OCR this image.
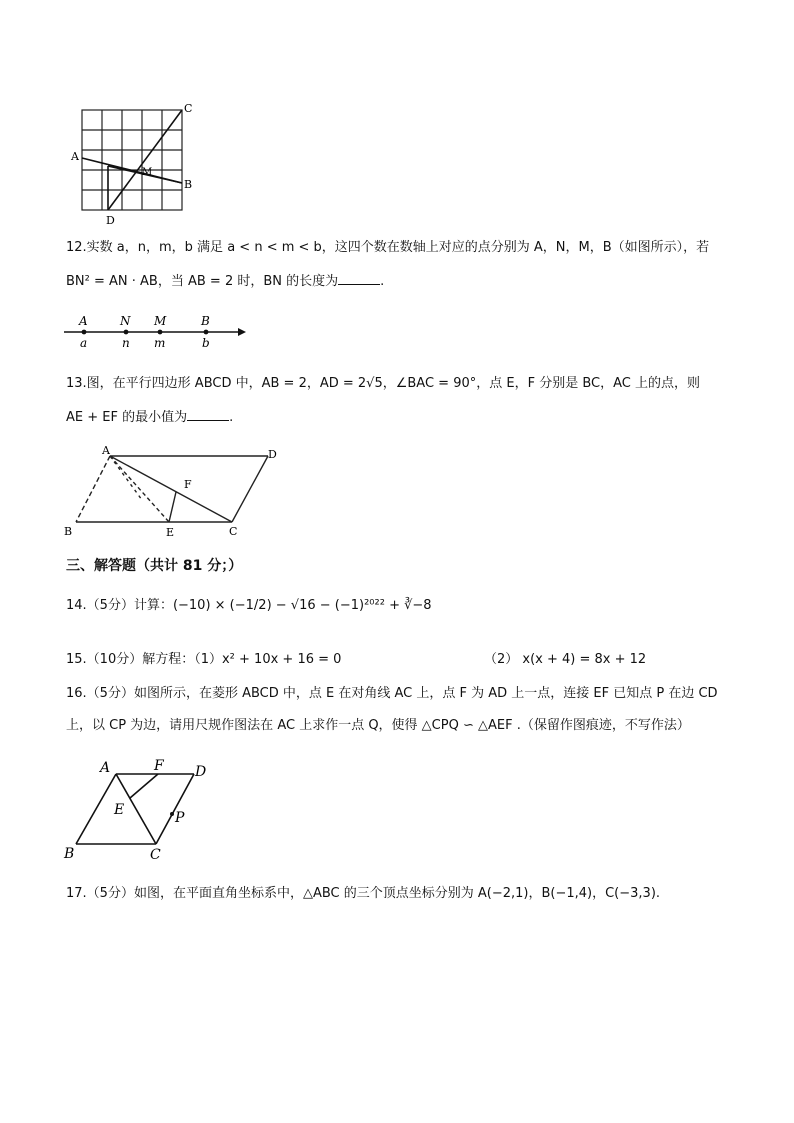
C
A
M
B
D
12.实数 a，n，m，b 满足 a < n < m < b，这四个数在数轴上对应的点分别为 A，N，M，B（如图所示），若
BN² = AN · AB，当 AB = 2 时，BN 的长度为	.
A	N M	B
a	n m	b
13.图，在平行四边形 ABCD 中，AB = 2，AD = 2√5，∠BAC = 90°，点 E，F 分别是 BC，AC 上的点，则
AE + EF 的最小值为	.
A	D
F
B	E	C
三、解答题（共计 81 分；）
14.（5分）计算：(−10) × (−1/2) − √16 − (−1)²⁰²² + ∛−8
15.（10分）解方程：（1）x² + 10x + 16 = 0	（2） x(x + 4) = 8x + 12
16.（5分）如图所示，在菱形 ABCD 中，点 E 在对角线 AC 上，点 F 为 AD 上一点，连接 EF 已知点 P 在边 CD
上，以 CP 为边，请用尺规作图法在 AC 上求作一点 Q，使得 △CPQ ∽ △AEF .（保留作图痕迹，不写作法）
A	F D
E	P
B	C
17.（5分）如图，在平面直角坐标系中，△ABC 的三个顶点坐标分别为 A(−2,1)，B(−1,4)，C(−3,3).
